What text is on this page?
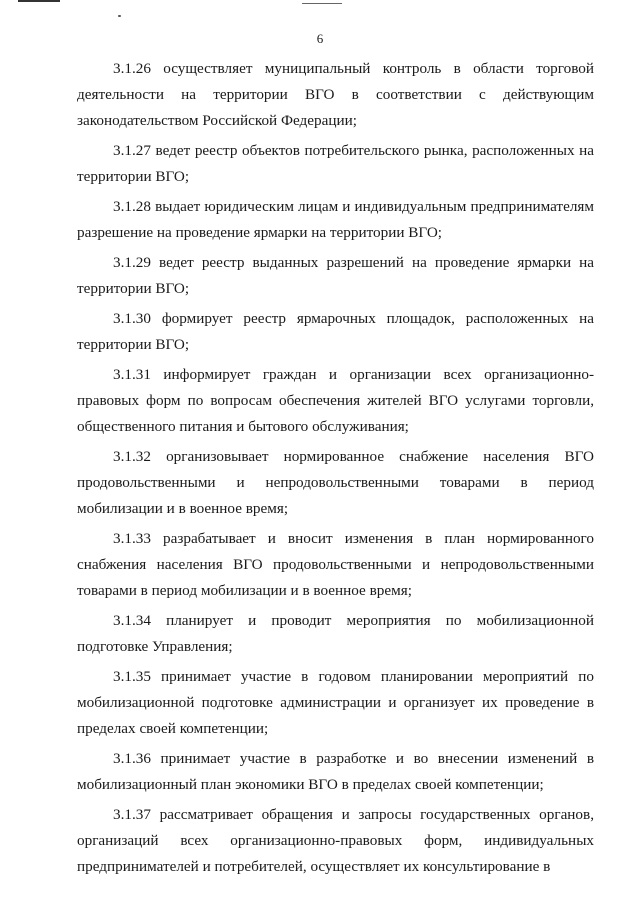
6

3.1.26 осуществляет муниципальный контроль в области торговой деятельности на территории ВГО в соответствии с действующим законодательством Российской Федерации;

3.1.27 ведет реестр объектов потребительского рынка, расположенных на территории ВГО;

3.1.28 выдает юридическим лицам и индивидуальным предпринимателям разрешение на проведение ярмарки на территории ВГО;

3.1.29 ведет реестр выданных разрешений на проведение ярмарки на территории ВГО;

3.1.30 формирует реестр ярмарочных площадок, расположенных на территории ВГО;

3.1.31 информирует граждан и организации всех организационно-правовых форм по вопросам обеспечения жителей ВГО услугами торговли, общественного питания и бытового обслуживания;

3.1.32 организовывает нормированное снабжение населения ВГО продовольственными и непродовольственными товарами в период мобилизации и в военное время;

3.1.33 разрабатывает и вносит изменения в план нормированного снабжения населения ВГО продовольственными и непродовольственными товарами в период мобилизации и в военное время;

3.1.34 планирует и проводит мероприятия по мобилизационной подготовке Управления;

3.1.35 принимает участие в годовом планировании мероприятий по мобилизационной подготовке администрации и организует их проведение в пределах своей компетенции;

3.1.36 принимает участие в разработке и во внесении изменений в мобилизационный план экономики ВГО в пределах своей компетенции;

3.1.37 рассматривает обращения и запросы государственных органов, организаций всех организационно-правовых форм, индивидуальных предпринимателей и потребителей, осуществляет их консультирование в
